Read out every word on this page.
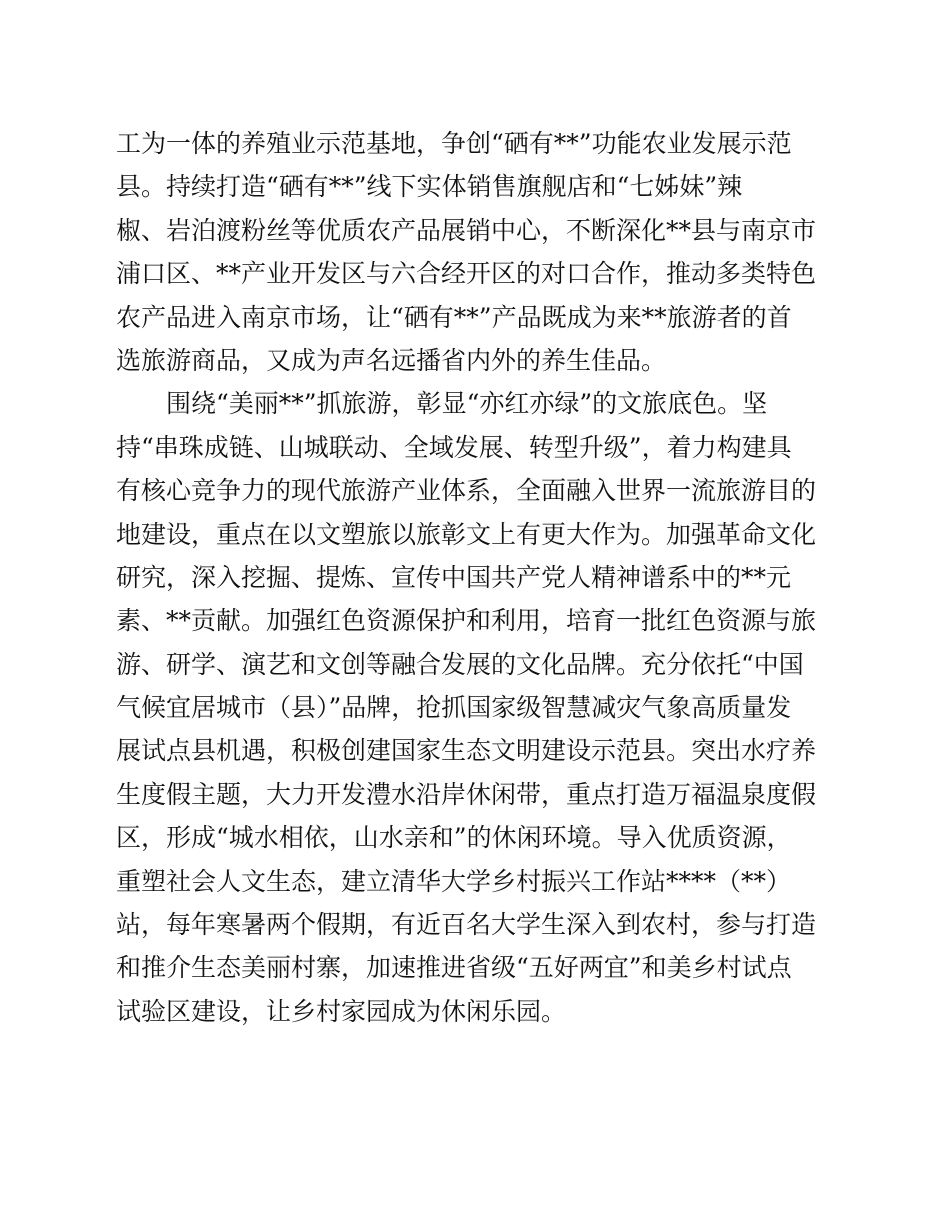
工为一体的养殖业示范基地，争创“硒有**”功能农业发展示范
县。持续打造“硒有**”线下实体销售旗舰店和“七姊妹”辣
椒、岩泊渡粉丝等优质农产品展销中心，不断深化**县与南京市
浦口区、**产业开发区与六合经开区的对口合作，推动多类特色
农产品进入南京市场，让“硒有**”产品既成为来**旅游者的首
选旅游商品，又成为声名远播省内外的养生佳品。
　　围绕“美丽**”抓旅游，彰显“亦红亦绿”的文旅底色。坚
持“串珠成链、山城联动、全域发展、转型升级”，着力构建具
有核心竞争力的现代旅游产业体系，全面融入世界一流旅游目的
地建设，重点在以文塑旅以旅彰文上有更大作为。加强革命文化
研究，深入挖掘、提炼、宣传中国共产党人精神谱系中的**元
素、**贡献。加强红色资源保护和利用，培育一批红色资源与旅
游、研学、演艺和文创等融合发展的文化品牌。充分依托“中国
气候宜居城市（县）”品牌，抢抓国家级智慧减灾气象高质量发
展试点县机遇，积极创建国家生态文明建设示范县。突出水疗养
生度假主题，大力开发澧水沿岸休闲带，重点打造万福温泉度假
区，形成“城水相依，山水亲和”的休闲环境。导入优质资源，
重塑社会人文生态，建立清华大学乡村振兴工作站****（**）
站，每年寒暑两个假期，有近百名大学生深入到农村，参与打造
和推介生态美丽村寨，加速推进省级“五好两宜”和美乡村试点
试验区建设，让乡村家园成为休闲乐园。
